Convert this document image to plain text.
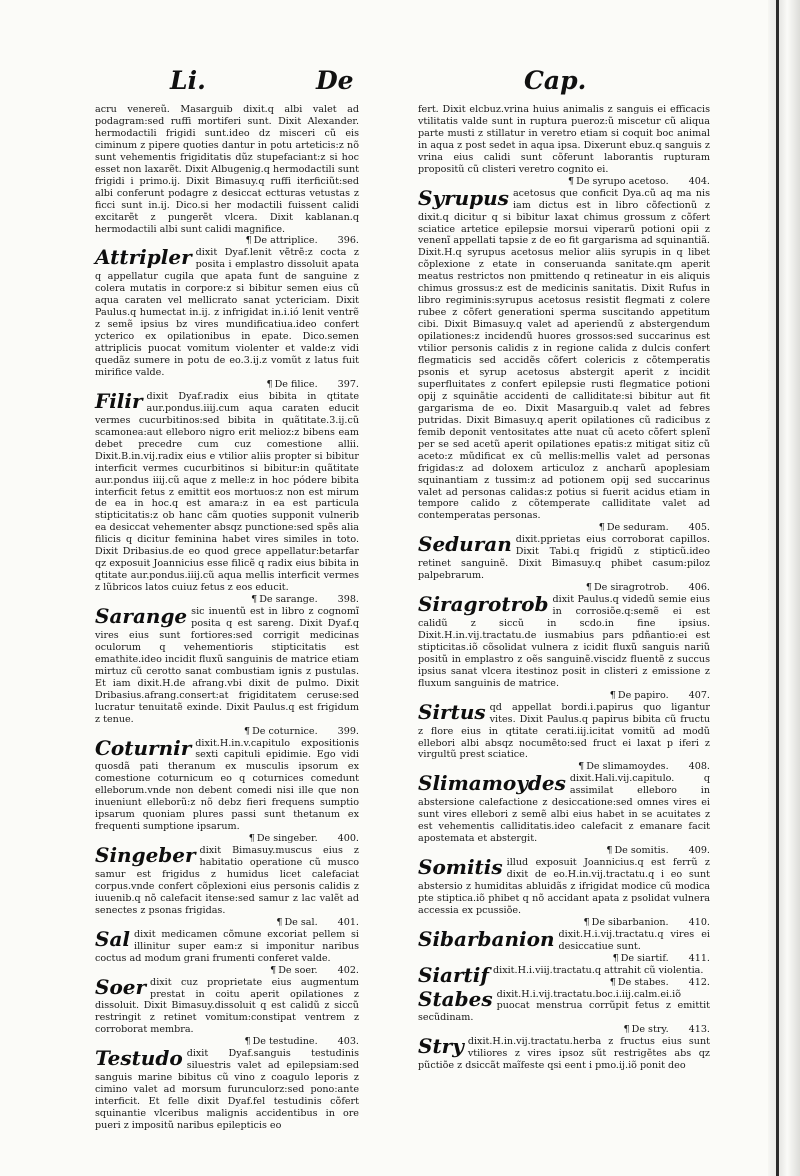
Li.	De	Cap.

acru venereũ. Masarguib dixit.q albi valet ad podagram:sed ruffi mortiferi sunt. Dixit Alexander. hermodactili frigidi sunt.ideo dz misceri cũ eis ciminum z pipere quoties dantur in potu arteticis:z nõ sunt vehementis frigiditatis dũz stupefaciant:z si hoc esset non laxarẽt. Dixit Albugenig.q hermodactili sunt frigidi i primo.ij. Dixit Bimasuy.q ruffi iterficiũt:sed albi conferunt podagre z desiccat ectturas vetustas z ficci sunt in.ij. Dico.si her modactili fuissent calidi excitarẽt z pungerẽt vlcera. Dixit kablanan.q hermodactili albi sunt calidi magnifice.

¶ De attriplice. 396.

Attripler dixit Dyaf.lenit vẽtrẽ:z cocta z posita i emplastro dissoluit apata q appellatur cugila que apata funt de sanguine z colera mutatis in corpore:z si bibitur semen eius cũ aqua caraten vel mellicrato sanat yctericiam. Dixit Paulus.q humectat in.ij. z infrigidat in.i.ió lenit ventrẽ z semẽ ipsius bz vires mundificatiua.ideo confert ycterico ex opilationibus in epate. Dico.semen attriplicis puocat vomitum violenter et valde:z vidi quedãz sumere in potu de eo.3.ij.z vomũt z latus fuit mirifice valde.

¶ De filice. 397.

Filir dixit Dyaf.radix eius bibita in qtitate aur.pondus.iiij.cum aqua caraten educit vermes cucurbitinos:sed bibita in quãtitate.3.ij.cũ scamonea:aut elleboro nigro erit melioz:z bibens eam debet precedre cum cuz comestione allii. Dixit.B.in.vij.radix eius e vtilior aliis propter si bibitur interficit vermes cucurbitinos si bibitur:in quãtitate aur.pondus iiij.cũ aque z melle:z in hoc pódere bibita interficit fetus z emittit eos mortuos:z non est mirum de ea in hoc.q est amara:z in ea est particula stipticitatis:z ob hanc cãm quoties supponit vulnerib ea desiccat vehementer absqz punctione:sed spẽs alia filicis q dicitur feminina habet vires similes in toto. Dixit Dribasius.de eo quod grece appellatur:betarfar qz exposuit Joannicius esse filicẽ q radix eius bibita in qtitate aur.pondus.iiij.cũ aqua mellis interficit vermes z lũbricos latos cuiuz fetus z eos educit.

¶ De sarange. 398.

Sarange sic inuentũ est in libro z cognomĩ posita q est sareng. Dixit Dyaf.q vires eius sunt fortiores:sed corrigit medicinas oculorum q vehementioris stipticitatis est emathite.ideo incidit fluxũ sanguinis de matrice etiam mirtuz cũ cerotto sanat combustiam ignis z pustulas. Et iam dixit.H.de afrang.vbi dixit de pulmo. Dixit Dribasius.afrang.consert:at frigiditatem ceruse:sed lucratur tenuitatẽ exinde. Dixit Paulus.q est frigidum z tenue.

¶ De coturnice. 399.

Coturnir dixit.H.in.v.capitulo expositionis sexti capituli epidimie. Ego vidi quosdã pati theranum ex musculis ipsorum ex comestione coturnicum eo q coturnices comedunt elleborum.vnde non debent comedi nisi ille que non inueniunt elleborũ:z nõ debz fieri frequens sumptio ipsarum quoniam plures passi sunt thetanum ex frequenti sumptione ipsarum.

¶ De singeber. 400.

Singeber dixit Bimasuy.muscus eius z habitatio operatione cũ musco samur est frigidus z humidus licet calefaciat corpus.vnde confert cõplexioni eius personis calidis z iuuenib.q nõ calefacit itense:sed samur z lac valẽt ad senectes z psonas frigidas.

¶ De sal. 401.

Sal dixit medicamen cõmune excoriat pellem si illinitur super eam:z si imponitur naribus coctus ad modum grani frumenti conferet valde.

¶ De soer. 402.

Soer dixit cuz proprietate eius augmentum prestat in coitu aperit opilationes z dissoluit. Dixit Bimasuy.dissoluit q est calidũ z siccũ restringit z retinet vomitum:constipat ventrem z corroborat membra.

¶ De testudine. 403.

Testudo dixit Dyaf.sanguis testudinis siluestris valet ad epilepsiam:sed sanguis marine bibitus cũ vino z coagulo leporis z cimino valet ad morsum furunculorz:sed pono:ante interficit. Et felle dixit Dyaf.fel testudinis cõfert squinantie vlceribus malignis accidentibus in ore pueri z impositũ naribus epilepticis eo

fert. Dixit elcbuz.vrina huius animalis z sanguis ei efficacis vtilitatis valde sunt in ruptura pueroz:ũ miscetur cũ aliqua parte musti z stillatur in veretro etiam si coquit boc animal in aqua z post sedet in aqua ipsa. Dixerunt ebuz.q sanguis z vrina eius calidi sunt cõferunt laborantis rupturam propositũ cũ clisteri veretro cognito ei.

¶ De syrupo acetoso. 404.

Syrupus acetosus que conficit Dya.cũ aq ma nis iam dictus est in libro cõfectionũ z dixit.q dicitur q si bibitur laxat chimus grossum z cõfert sciatice artetice epilepsie morsui viperarũ potioni opii z venenĩ appellati tapsie z de eo fit gargarisma ad squinantiã. Dixit.H.q syrupus acetosus melior aliis syrupis in q libet cõplexione z etate in conseruanda sanitate.qm aperit meatus restrictos non pmittendo q retineatur in eis aliquis chimus grossus:z est de medicinis sanitatis. Dixit Rufus in libro regiminis:syrupus acetosus resistit flegmati z colere rubee z cõfert generationi sperma suscitando appetitum cibi. Dixit Bimasuy.q valet ad aperiendũ z abstergendum opilationes:z incidendũ huores grossos:sed succarinus est vtilior personis calidis z in regione calida z dulcis confert flegmaticis sed accidẽs cõfert colericis z cõtemperatis psonis et syrup acetosus abstergit aperit z incidit superfluitates z confert epilepsie rusti flegmatice potioni opij z squinãtie accidenti de calliditate:si bibitur aut fit gargarisma de eo. Dixit Masarguib.q valet ad febres putridas. Dixit Bimasuy.q aperit opilationes cũ radicibus z femib deponit ventositates atte nuat cũ aceto cõfert splenĩ per se sed acetũ aperit opilationes epatis:z mitigat sitiz cũ aceto:z mũdificat ex cũ mellis:mellis valet ad personas frigidas:z ad doloxem articuloz z ancharũ apoplesiam squinantiam z tussim:z ad potionem opij sed succarinus valet ad personas calidas:z potius si fuerit acidus etiam in tempore calido z cõtemperate calliditate valet ad contemperatas personas.

¶ De seduram. 405.

Seduran dixit.pprietas eius corroborat capillos. Dixit Tabi.q frigidũ z stipticũ.ideo retinet sanguinẽ. Dixit Bimasuy.q phibet casum:piloz palpebrarum.

¶ De siragrotrob. 406.

Siragrotrob dixit Paulus.q videdũ semie eius in corrosiõe.q:semẽ ei est calidũ z siccũ in scdo.in fine ipsius. Dixit.H.in.vij.tractatu.de iusmabius pars pdñantio:ei est stipticitas.iõ cõsolidat vulnera z icidit fluxũ sanguis nariũ positũ in emplastro z oẽs sanguinẽ.viscidz fluentẽ z succus ipsius sanat vlcera itestinoz posit in clisteri z emissione z fluxum sanguinis de matrice.

¶ De papiro. 407.

Sirtus qd appellat bordi.i.papirus quo ligantur vites. Dixit Paulus.q papirus bibita cũ fructu z flore eius in qtitate cerati.iij.icitat vomitũ ad modũ ellebori albi absqz nocumẽto:sed fruct ei laxat p iferi z virgultũ prest sciatice.

¶ De slimamoydes. 408.

Slimamoydes dixit.Hali.vij.capitulo. q assimilat elleboro in abstersione calefactione z desiccatione:sed omnes vires ei sunt vires ellebori z semẽ albi eius habet in se acuitates z est vehementis calliditatis.ideo calefacit z emanare facit apostemata et abstergit.

¶ De somitis. 409.

Somitis illud exposuit Joannicius.q est ferrũ z dixit de eo.H.in.vij.tractatu.q i eo sunt abstersio z humiditas abluidãs z ifrigidat modice cũ modica pte stiptica.iõ phibet q nõ accidant apata z psolidat vulnera accessia ex pcussiõe.

¶ De sibarbanion. 410.

Sibarbanion dixit.H.i.vij.tractatu.q vires ei desiccatiue sunt.

¶ De siartif. 411.

Siartif dixit.H.i.viij.tractatu.q attrahit cũ violentia.

¶ De stabes. 412.

Stabes dixit.H.i.vij.tractatu.boc.i.iij.calm.ei.iõ puocat menstrua corrũpit fetus z emittit secũdinam.

¶ De stry. 413.

Stry dixit.H.in.vij.tractatu.herba z fructus eius sunt vtiliores z vires ipsoz sũt restrigẽtes abs qz pũctiõe z dsiccãt maĩfeste qsi eent i pmo.ij.iõ ponit deo
